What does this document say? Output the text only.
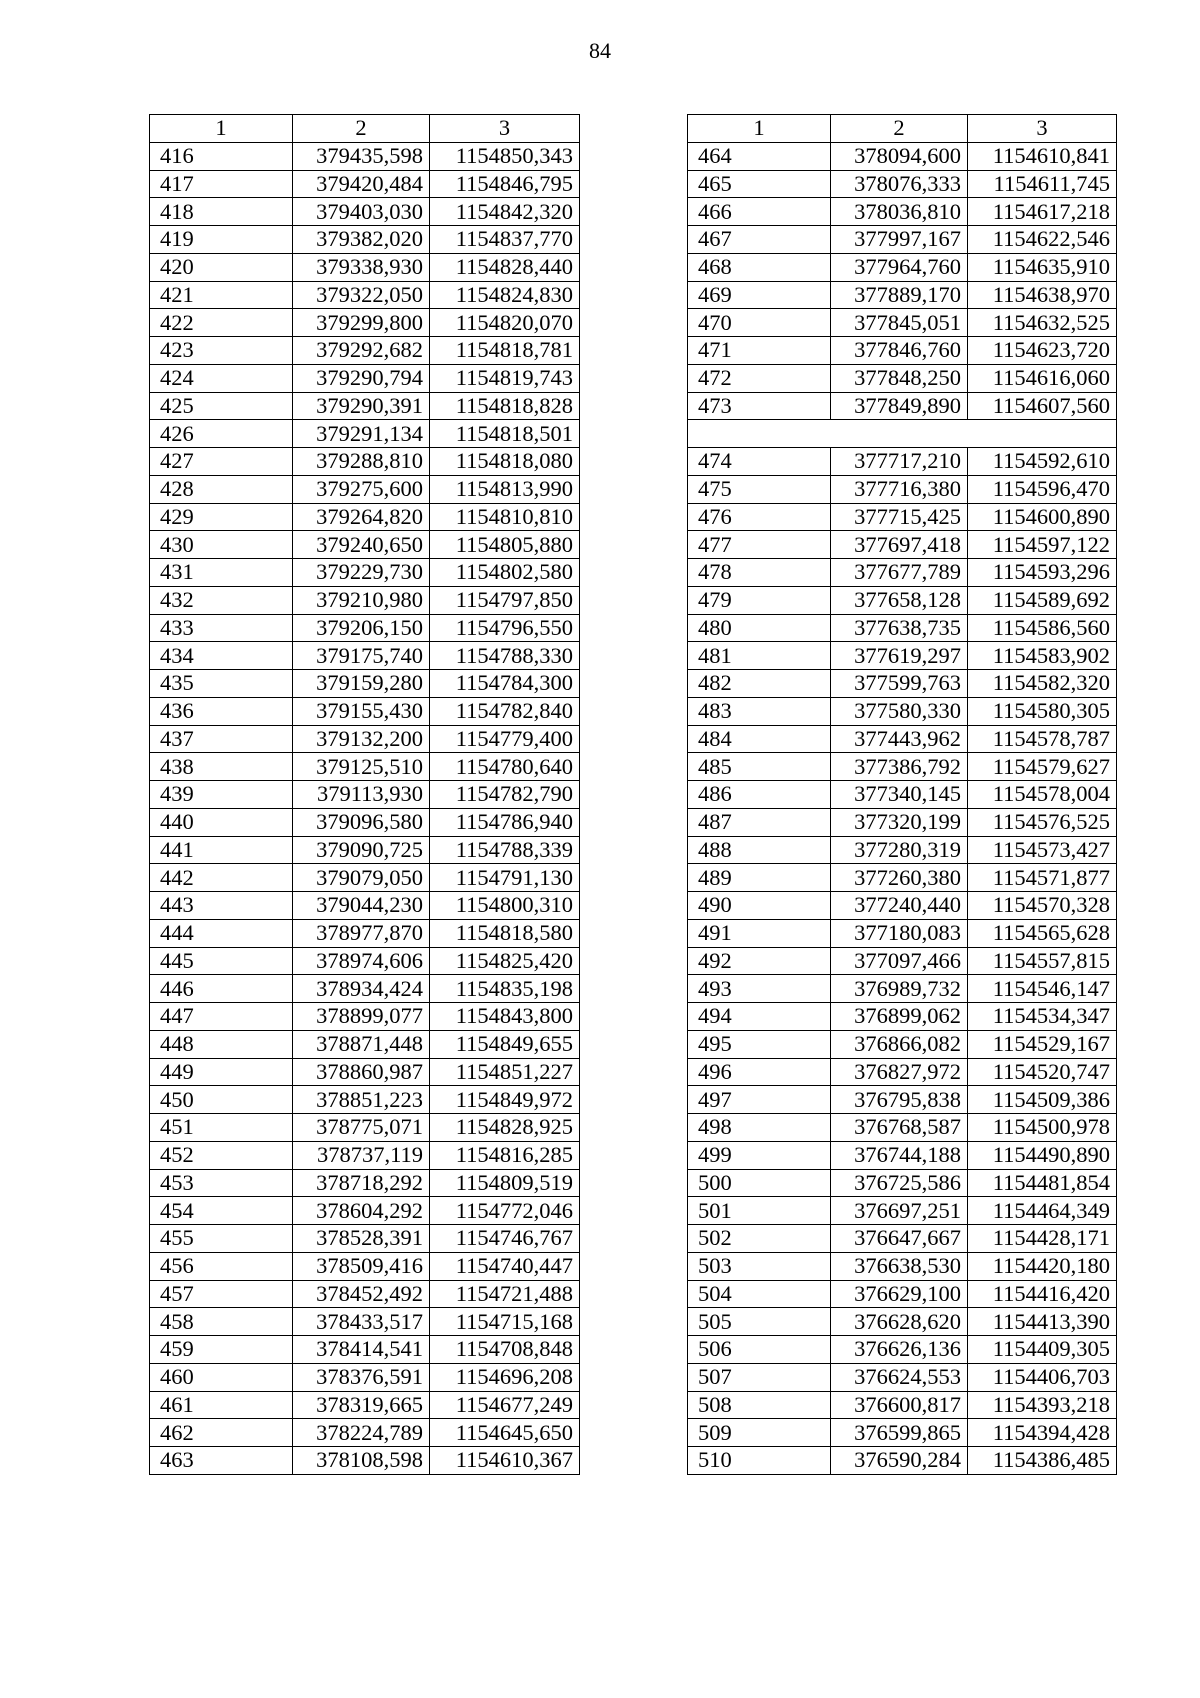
84
1	2	3
416	379435,598	1154850,343
417	379420,484	1154846,795
418	379403,030	1154842,320
419	379382,020	1154837,770
420	379338,930	1154828,440
421	379322,050	1154824,830
422	379299,800	1154820,070
423	379292,682	1154818,781
424	379290,794	1154819,743
425	379290,391	1154818,828
426	379291,134	1154818,501
427	379288,810	1154818,080
428	379275,600	1154813,990
429	379264,820	1154810,810
430	379240,650	1154805,880
431	379229,730	1154802,580
432	379210,980	1154797,850
433	379206,150	1154796,550
434	379175,740	1154788,330
435	379159,280	1154784,300
436	379155,430	1154782,840
437	379132,200	1154779,400
438	379125,510	1154780,640
439	379113,930	1154782,790
440	379096,580	1154786,940
441	379090,725	1154788,339
442	379079,050	1154791,130
443	379044,230	1154800,310
444	378977,870	1154818,580
445	378974,606	1154825,420
446	378934,424	1154835,198
447	378899,077	1154843,800
448	378871,448	1154849,655
449	378860,987	1154851,227
450	378851,223	1154849,972
451	378775,071	1154828,925
452	378737,119	1154816,285
453	378718,292	1154809,519
454	378604,292	1154772,046
455	378528,391	1154746,767
456	378509,416	1154740,447
457	378452,492	1154721,488
458	378433,517	1154715,168
459	378414,541	1154708,848
460	378376,591	1154696,208
461	378319,665	1154677,249
462	378224,789	1154645,650
463	378108,598	1154610,367
1	2	3
464	378094,600	1154610,841
465	378076,333	1154611,745
466	378036,810	1154617,218
467	377997,167	1154622,546
468	377964,760	1154635,910
469	377889,170	1154638,970
470	377845,051	1154632,525
471	377846,760	1154623,720
472	377848,250	1154616,060
473	377849,890	1154607,560

474	377717,210	1154592,610
475	377716,380	1154596,470
476	377715,425	1154600,890
477	377697,418	1154597,122
478	377677,789	1154593,296
479	377658,128	1154589,692
480	377638,735	1154586,560
481	377619,297	1154583,902
482	377599,763	1154582,320
483	377580,330	1154580,305
484	377443,962	1154578,787
485	377386,792	1154579,627
486	377340,145	1154578,004
487	377320,199	1154576,525
488	377280,319	1154573,427
489	377260,380	1154571,877
490	377240,440	1154570,328
491	377180,083	1154565,628
492	377097,466	1154557,815
493	376989,732	1154546,147
494	376899,062	1154534,347
495	376866,082	1154529,167
496	376827,972	1154520,747
497	376795,838	1154509,386
498	376768,587	1154500,978
499	376744,188	1154490,890
500	376725,586	1154481,854
501	376697,251	1154464,349
502	376647,667	1154428,171
503	376638,530	1154420,180
504	376629,100	1154416,420
505	376628,620	1154413,390
506	376626,136	1154409,305
507	376624,553	1154406,703
508	376600,817	1154393,218
509	376599,865	1154394,428
510	376590,284	1154386,485
